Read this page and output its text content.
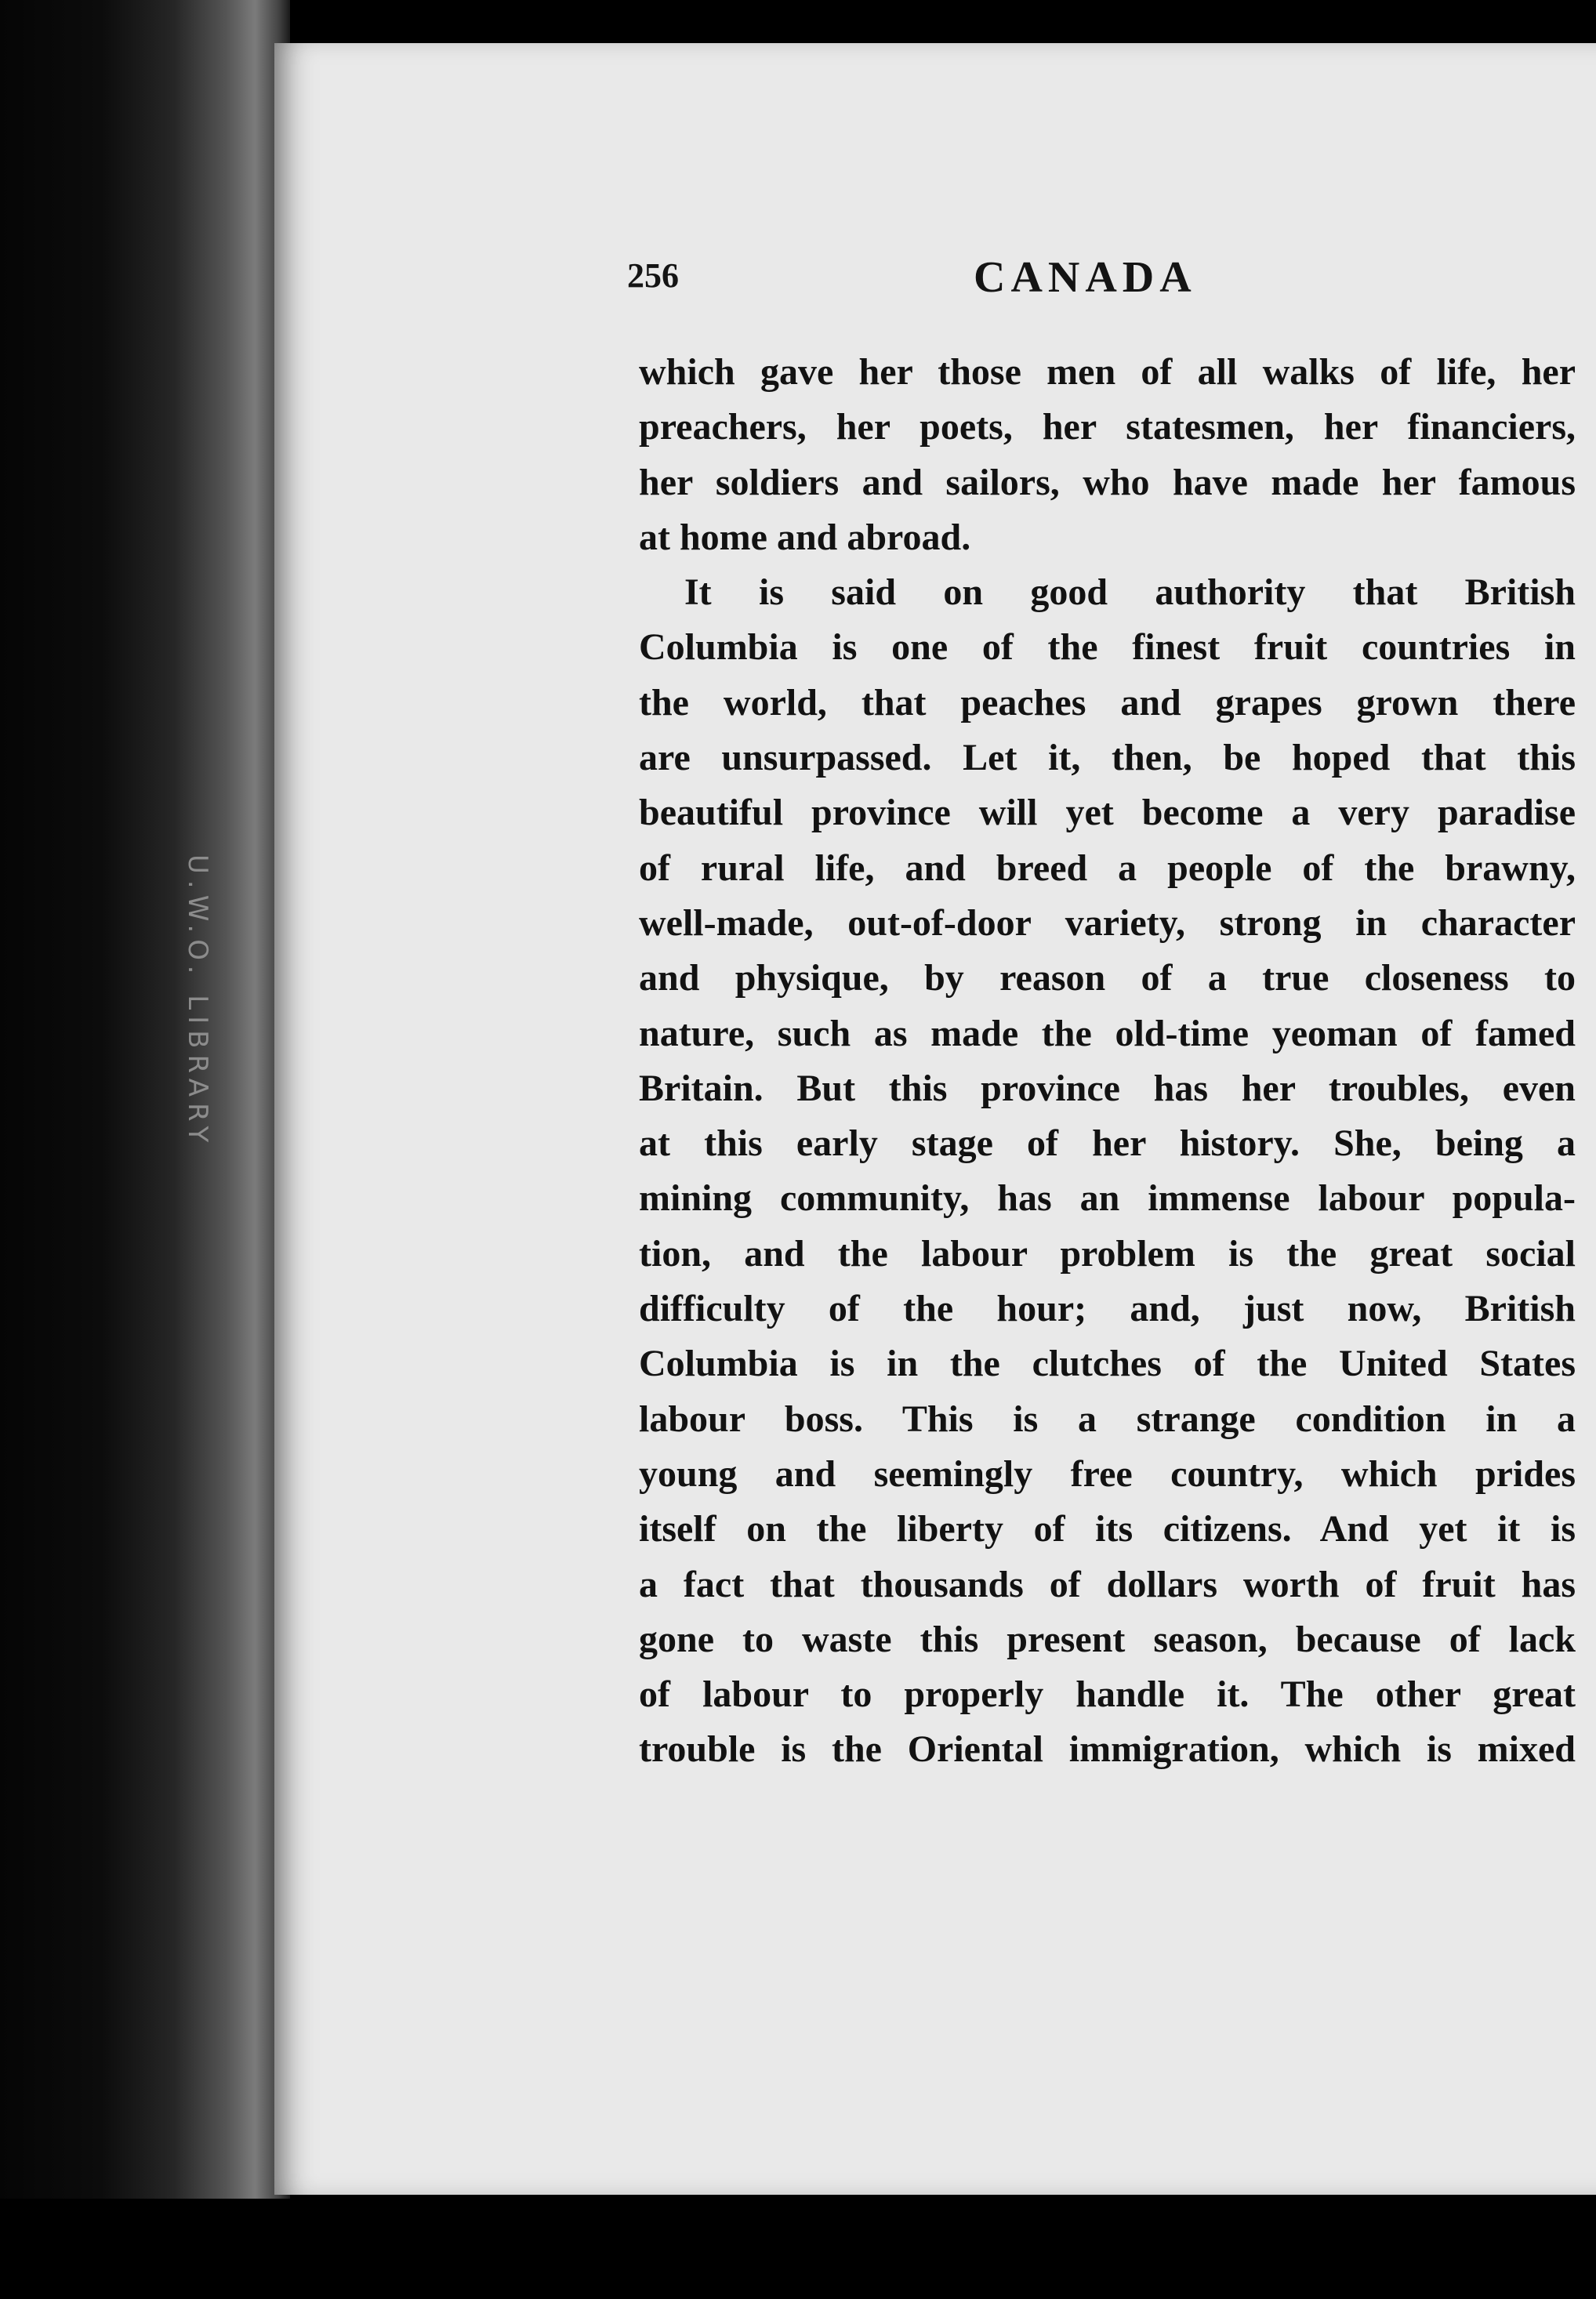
U.W.O. LIBRARY
256	CANADA
which gave her those men of all walks of life, her
preachers, her poets, her statesmen, her financiers,
her soldiers and sailors, who have made her famous
at home and abroad.
It is said on good authority that British
Columbia is one of the finest fruit countries in
the world, that peaches and grapes grown there
are unsurpassed. Let it, then, be hoped that this
beautiful province will yet become a very paradise
of rural life, and breed a people of the brawny,
well-made, out-of-door variety, strong in character
and physique, by reason of a true closeness to
nature, such as made the old-time yeoman of famed
Britain. But this province has her troubles, even
at this early stage of her history. She, being a
mining community, has an immense labour popula-
tion, and the labour problem is the great social
difficulty of the hour; and, just now, British
Columbia is in the clutches of the United States
labour boss. This is a strange condition in a
young and seemingly free country, which prides
itself on the liberty of its citizens. And yet it is
a fact that thousands of dollars worth of fruit has
gone to waste this present season, because of lack
of labour to properly handle it. The other great
trouble is the Oriental immigration, which is mixed
